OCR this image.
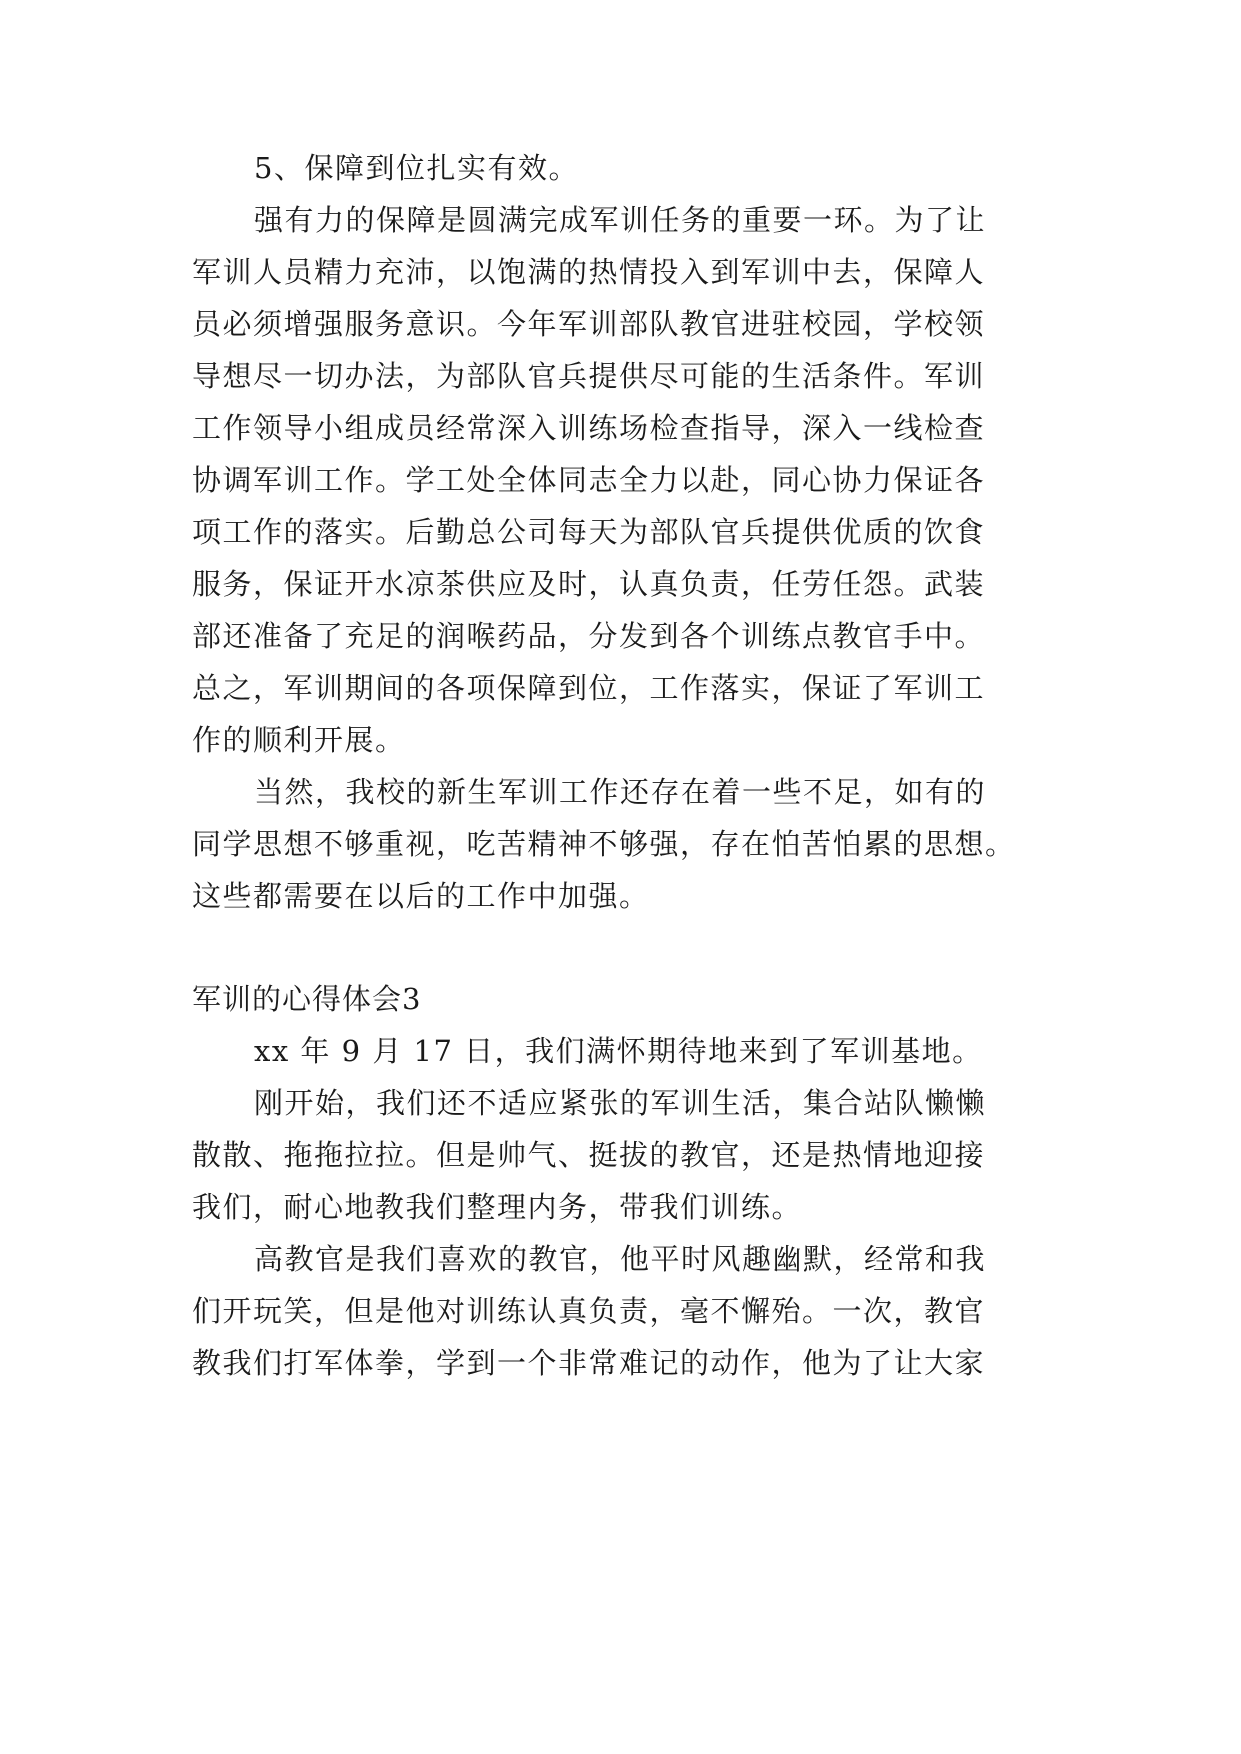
5、保障到位扎实有效。

强有力的保障是圆满完成军训任务的重要一环。为了让

军训人员精力充沛，以饱满的热情投入到军训中去，保障人

员必须增强服务意识。今年军训部队教官进驻校园，学校领

导想尽一切办法，为部队官兵提供尽可能的生活条件。军训

工作领导小组成员经常深入训练场检查指导，深入一线检查

协调军训工作。学工处全体同志全力以赴，同心协力保证各

项工作的落实。后勤总公司每天为部队官兵提供优质的饮食

服务，保证开水凉茶供应及时，认真负责，任劳任怨。武装

部还准备了充足的润喉药品，分发到各个训练点教官手中。

总之，军训期间的各项保障到位，工作落实，保证了军训工

作的顺利开展。

当然，我校的新生军训工作还存在着一些不足，如有的

同学思想不够重视，吃苦精神不够强，存在怕苦怕累的思想。

这些都需要在以后的工作中加强。

军训的心得体会3

xx 年 9 月 17 日，我们满怀期待地来到了军训基地。

刚开始，我们还不适应紧张的军训生活，集合站队懒懒

散散、拖拖拉拉。但是帅气、挺拔的教官，还是热情地迎接

我们，耐心地教我们整理内务，带我们训练。

高教官是我们喜欢的教官，他平时风趣幽默，经常和我

们开玩笑，但是他对训练认真负责，毫不懈殆。一次，教官

教我们打军体拳，学到一个非常难记的动作，他为了让大家
